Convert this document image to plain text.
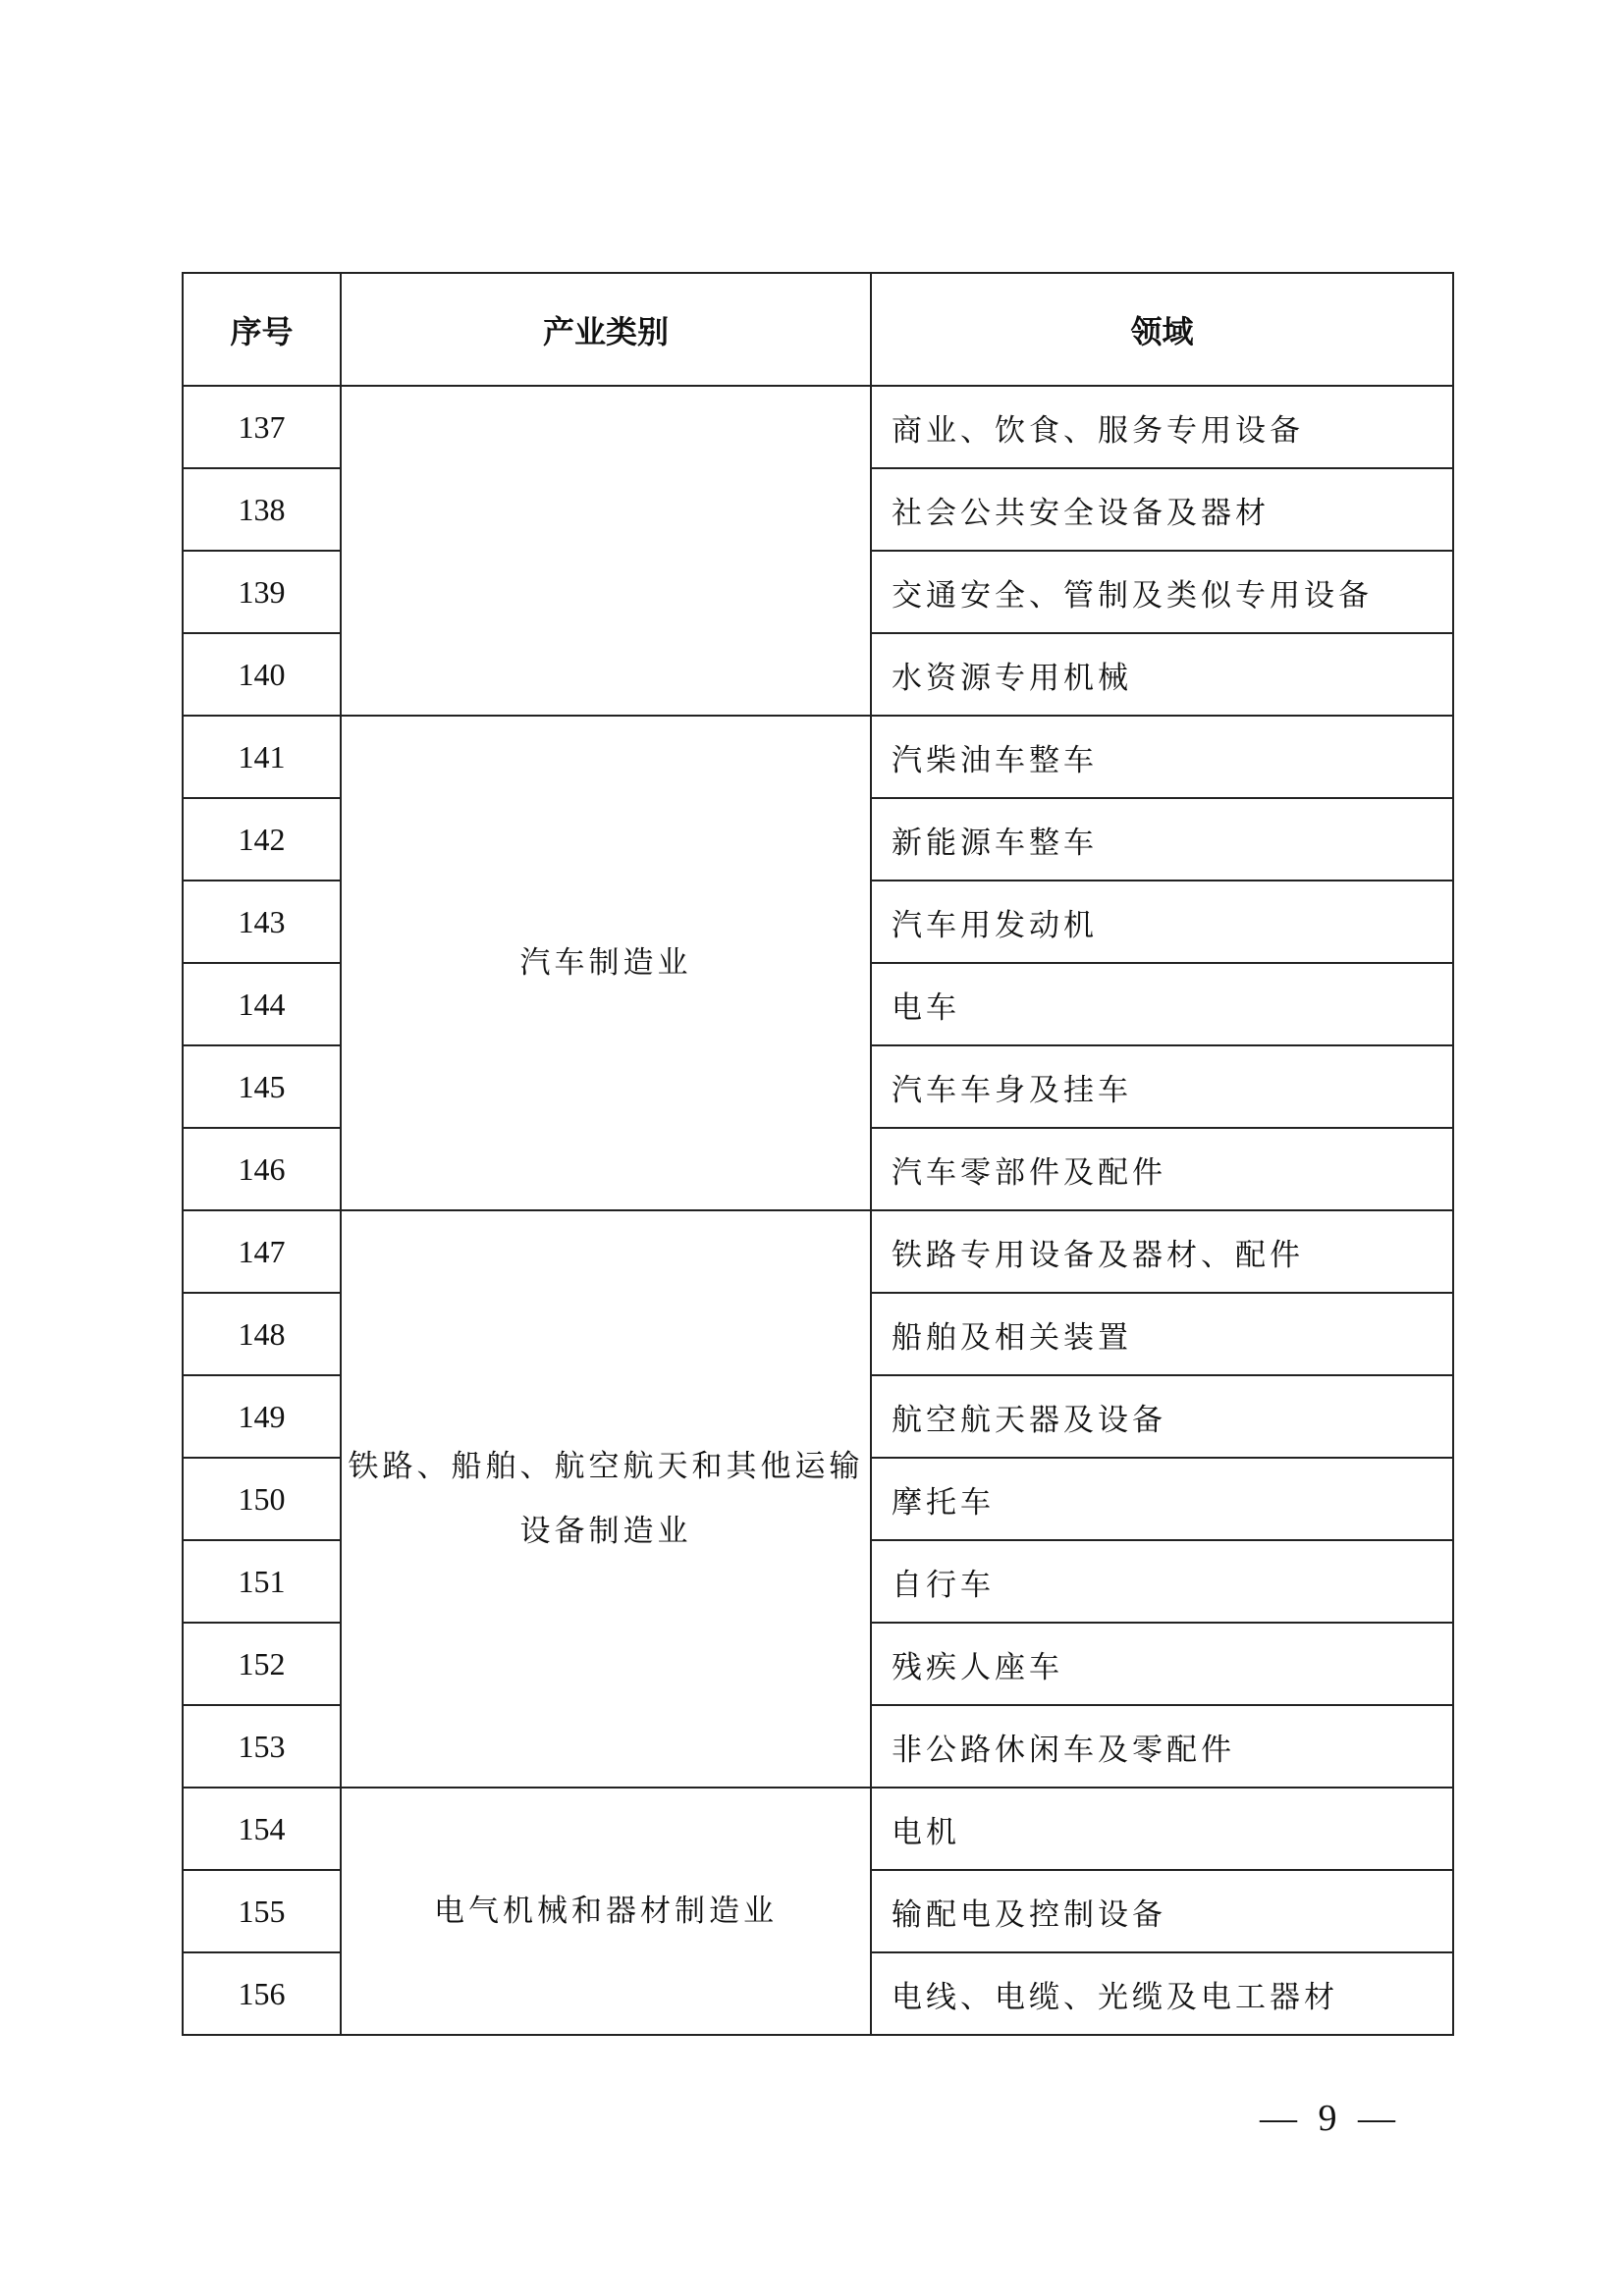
序号	产业类别	领域
137		商业、饮食、服务专用设备
138		社会公共安全设备及器材
139		交通安全、管制及类似专用设备
140		水资源专用机械
141	汽车制造业	汽柴油车整车
142		新能源车整车
143		汽车用发动机
144		电车
145		汽车车身及挂车
146		汽车零部件及配件
147	铁路、船舶、航空航天和其他运输设备制造业	铁路专用设备及器材、配件
148		船舶及相关装置
149		航空航天器及设备
150		摩托车
151		自行车
152		残疾人座车
153		非公路休闲车及零配件
154	电气机械和器材制造业	电机
155		输配电及控制设备
156		电线、电缆、光缆及电工器材
— 9 —
